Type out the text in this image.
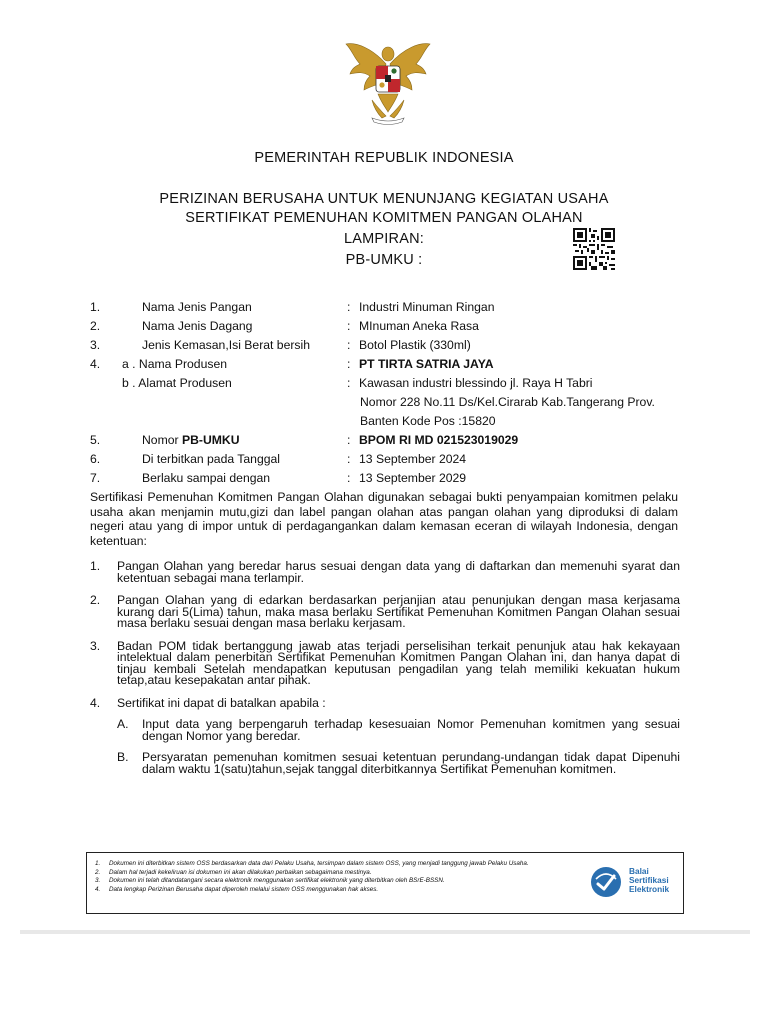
PEMERINTAH REPUBLIK INDONESIA
PERIZINAN BERUSAHA UNTUK MENUNJANG KEGIATAN USAHA
SERTIFIKAT PEMENUHAN KOMITMEN PANGAN OLAHAN
LAMPIRAN:
PB-UMKU :
1.	Nama Jenis Pangan	: Industri Minuman Ringan
2.	Nama Jenis Dagang	: MInuman Aneka Rasa
3.	Jenis Kemasan,Isi Berat bersih	: Botol Plastik (330ml)
4. a . Nama Produsen	: PT TIRTA SATRIA JAYA
b . Alamat Produsen	: Kawasan industri blessindo jl. Raya H Tabri
Nomor 228 No.11 Ds/Kel.Cirarab Kab.Tangerang Prov.
Banten Kode Pos :15820
5.	Nomor PB-UMKU	: BPOM RI MD 021523019029
6.	Di terbitkan pada Tanggal	: 13 September 2024
7.	Berlaku sampai dengan	: 13 September 2029
Sertifikasi Pemenuhan Komitmen Pangan Olahan digunakan sebagai bukti penyampaian komitmen pelaku usaha akan menjamin mutu,gizi dan label pangan olahan atas pangan olahan yang diproduksi di dalam negeri atau yang di impor untuk di perdagangankan dalam kemasan eceran di wilayah Indonesia, dengan ketentuan:
1. Pangan Olahan yang beredar harus sesuai dengan data yang di daftarkan dan memenuhi syarat dan ketentuan sebagai mana terlampir.
2. Pangan Olahan yang di edarkan berdasarkan perjanjian atau penunjukan dengan masa kerjasama kurang dari 5(Lima) tahun, maka masa berlaku Sertifikat Pemenuhan Komitmen Pangan Olahan sesuai masa berlaku sesuai dengan masa berlaku kerjasam.
3. Badan POM tidak bertanggung jawab atas terjadi perselisihan terkait penunjuk atau hak kekayaan intelektual dalam penerbitan Sertifikat Pemenuhan Komitmen Pangan Olahan ini, dan hanya dapat di tinjau kembali Setelah mendapatkan keputusan pengadilan yang telah memiliki kekuatan hukum tetap,atau kesepakatan antar pihak.
4. Sertifikat ini dapat di batalkan apabila :
A. Input data yang berpengaruh terhadap kesesuaian Nomor Pemenuhan komitmen yang sesuai dengan Nomor yang beredar.
B. Persyaratan pemenuhan komitmen sesuai ketentuan perundang-undangan tidak dapat Dipenuhi dalam waktu 1(satu)tahun,sejak tanggal diterbitkannya Sertifikat Pemenuhan komitmen.
1. Dokumen ini diterbitkan sistem OSS berdasarkan data dari Pelaku Usaha, tersimpan dalam sistem OSS, yang menjadi tanggung jawab Pelaku Usaha.
2. Dalam hal terjadi kekeliruan isi dokumen ini akan dilakukan perbaikan sebagaimana mestinya.
3. Dokumen ini telah ditandatangani secara elektronik menggunakan sertifikat elektronik yang diterbitkan oleh BSrE-BSSN.
4. Data lengkap Perizinan Berusaha dapat diperoleh melalui sistem OSS menggunakan hak akses.
Balai
Sertifikasi
Elektronik
